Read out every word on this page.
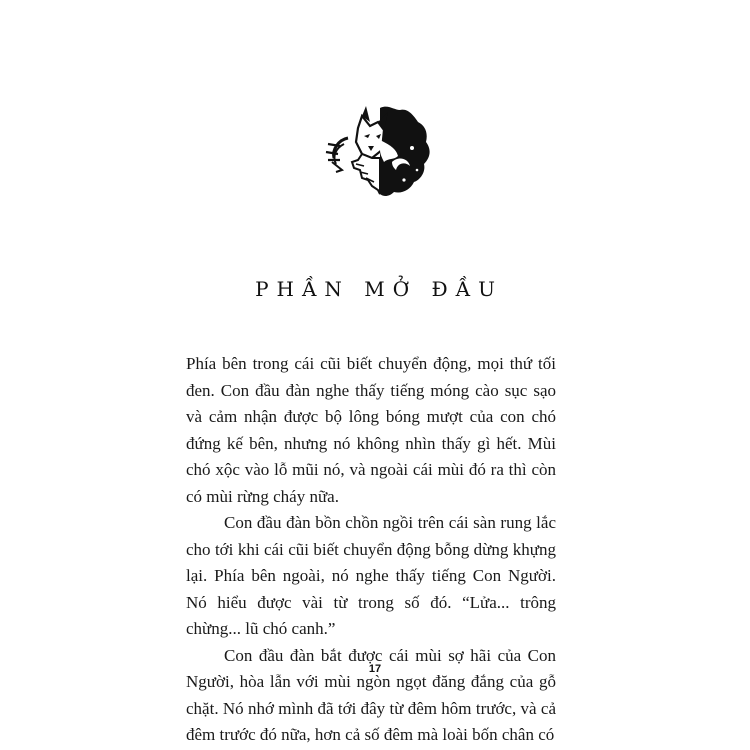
PHẦN MỞ ĐẦU

Phía bên trong cái cũi biết chuyển động, mọi thứ tối đen. Con đầu đàn nghe thấy tiếng móng cào sục sạo và cảm nhận được bộ lông bóng mượt của con chó đứng kế bên, nhưng nó không nhìn thấy gì hết. Mùi chó xộc vào lỗ mũi nó, và ngoài cái mùi đó ra thì còn có mùi rừng cháy nữa.

Con đầu đàn bồn chồn ngồi trên cái sàn rung lắc cho tới khi cái cũi biết chuyển động bỗng dừng khựng lại. Phía bên ngoài, nó nghe thấy tiếng Con Người. Nó hiểu được vài từ trong số đó. “Lửa... trông chừng... lũ chó canh.”

Con đầu đàn bắt được cái mùi sợ hãi của Con Người, hòa lẫn với mùi ngòn ngọt đăng đắng của gỗ chặt. Nó nhớ mình đã tới đây từ đêm hôm trước, và cả đêm trước đó nữa, hơn cả số đêm mà loài bốn chân có

17
